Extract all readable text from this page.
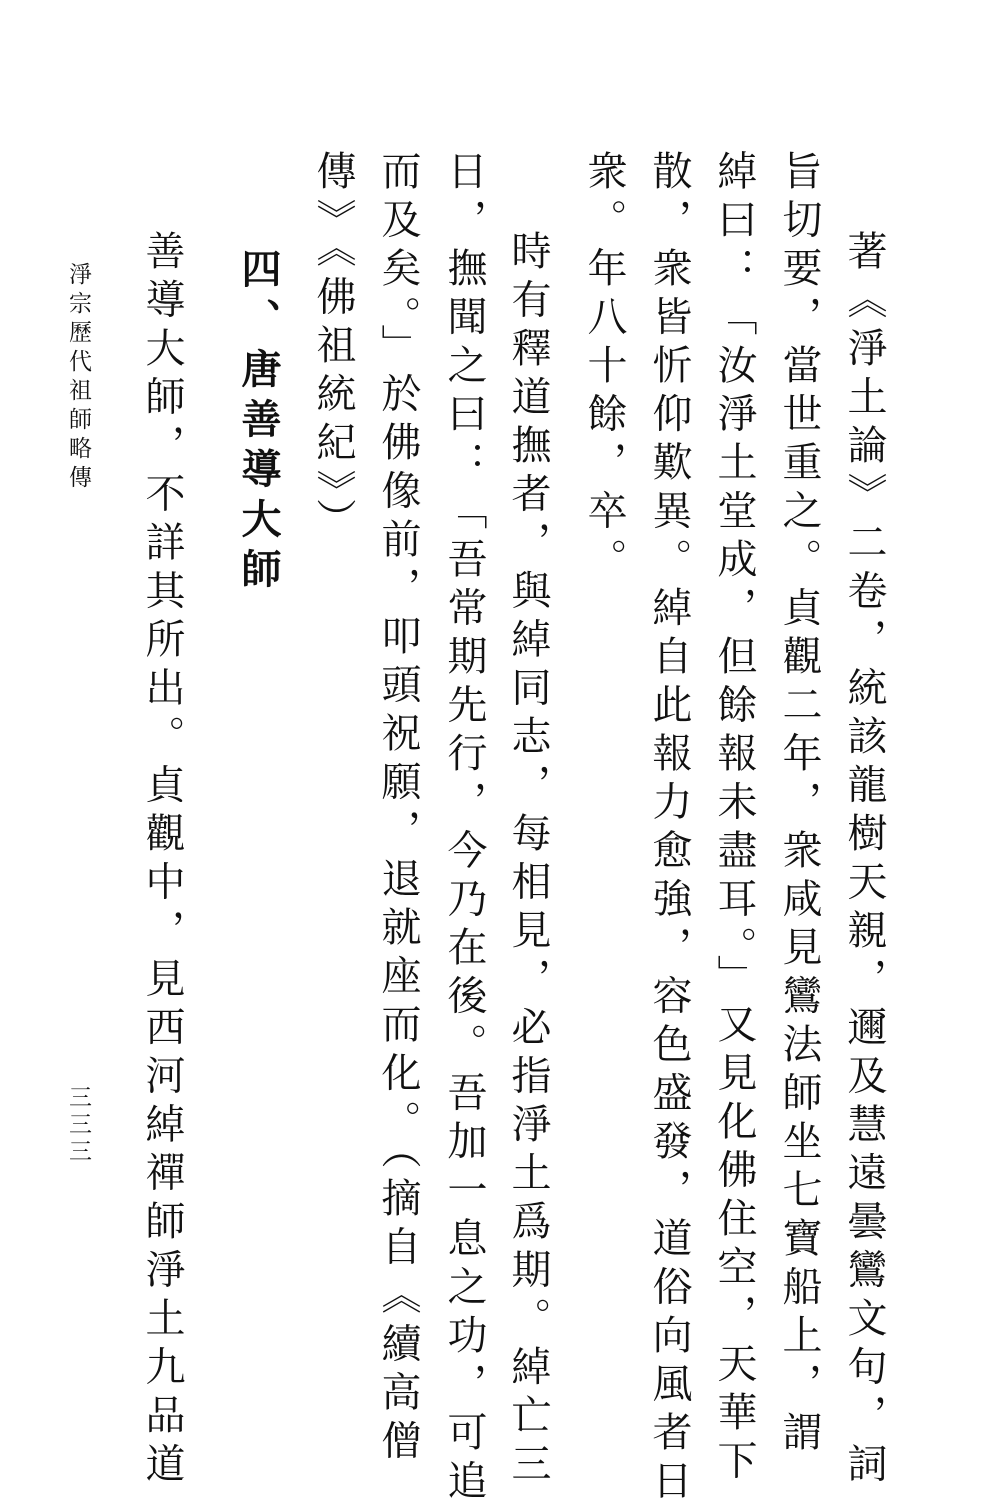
著《淨土論》二卷，統該龍樹天親，邇及慧遠曇鸞文句，詞
旨切要，當世重之。貞觀二年，衆咸見鸞法師坐七寶船上，謂
綽曰：「汝淨土堂成，但餘報未盡耳。」又見化佛住空，天華下
散，衆皆忻仰歎異。綽自此報力愈強，容色盛發，道俗向風者日
衆。年八十餘，卒。
時有釋道撫者，與綽同志，每相見，必指淨土爲期。綽亡三
日，撫聞之曰：「吾常期先行，今乃在後。吾加一息之功，可追
而及矣。」於佛像前，叩頭祝願，退就座而化。（摘自《續高僧
傳》《佛祖統紀》）
四、唐善導大師
善導大師，不詳其所出。貞觀中，見西河綽禪師淨土九品道
淨宗歷代祖師略傳
三三三
